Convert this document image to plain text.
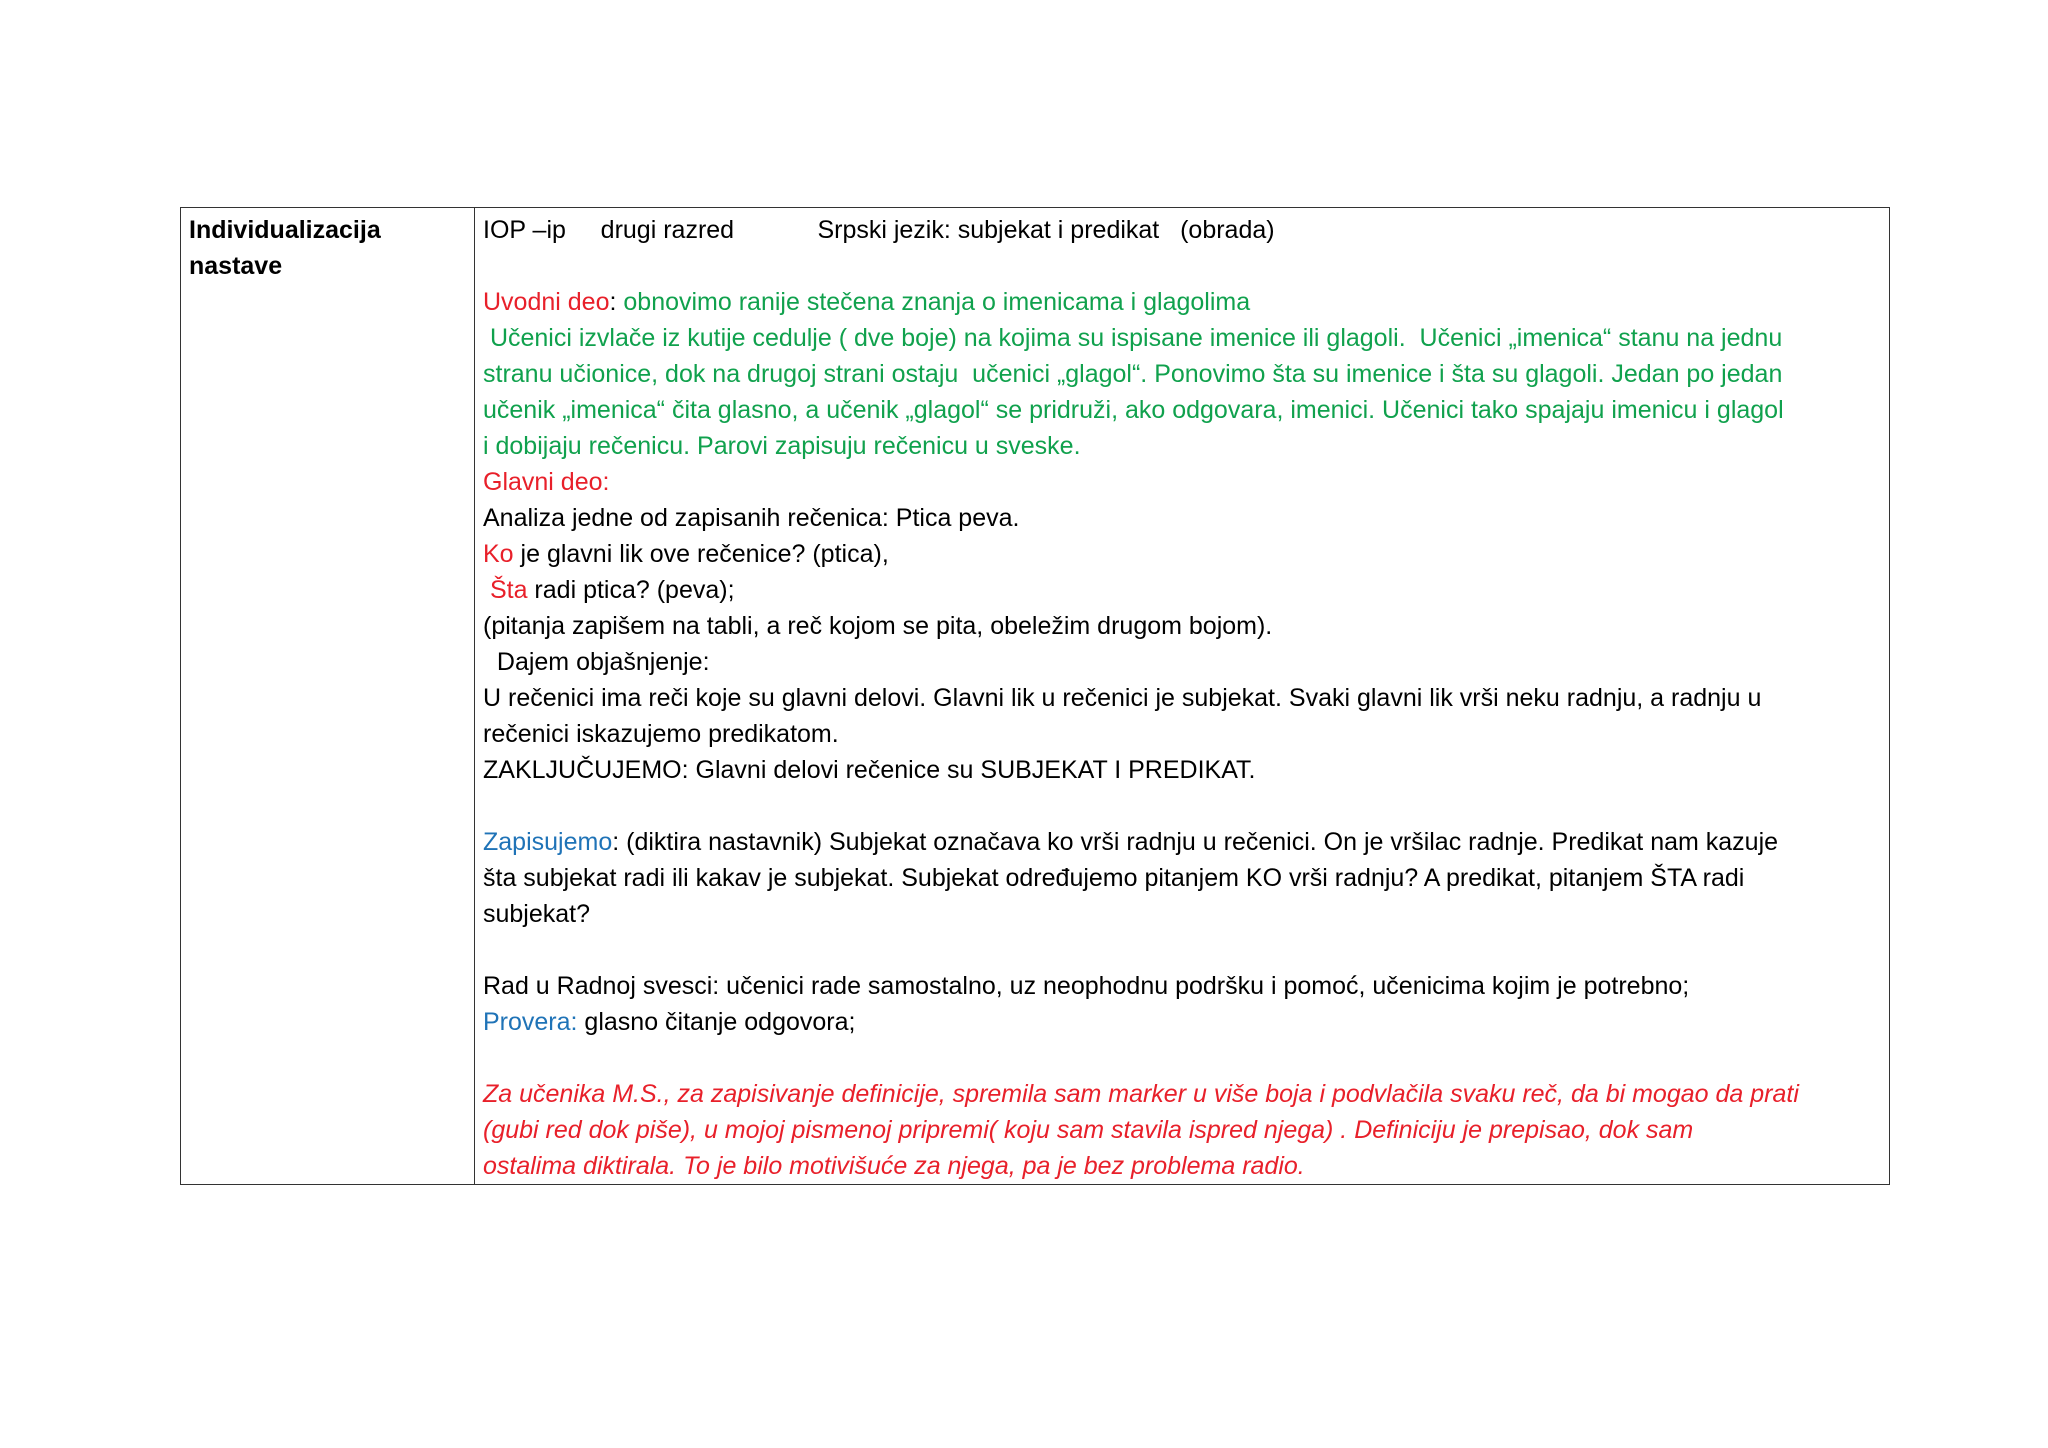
Individualizacija nastave

IOP –ip drugi razred	Srpski jezik: subjekat i predikat (obrada)
Uvodni deo: obnovimo ranije stečena znanja o imenicama i glagolima
Učenici izvlače iz kutije cedulje ( dve boje) na kojima su ispisane imenice ili glagoli.  Učenici „imenica“ stanu na jednu
stranu učionice, dok na drugoj strani ostaju  učenici „glagol“. Ponovimo šta su imenice i šta su glagoli. Jedan po jedan
učenik „imenica“ čita glasno, a učenik „glagol“ se pridruži, ako odgovara, imenici. Učenici tako spajaju imenicu i glagol
i dobijaju rečenicu. Parovi zapisuju rečenicu u sveske.
Glavni deo:
Analiza jedne od zapisanih rečenica: Ptica peva.
Ko je glavni lik ove rečenice? (ptica),
Šta radi ptica? (peva);
(pitanja zapišem na tabli, a reč kojom se pita, obeležim drugom bojom).
Dajem objašnjenje:
U rečenici ima reči koje su glavni delovi. Glavni lik u rečenici je subjekat. Svaki glavni lik vrši neku radnju, a radnju u
rečenici iskazujemo predikatom.
ZAKLJUČUJEMO: Glavni delovi rečenice su SUBJEKAT I PREDIKAT.
Zapisujemo: (diktira nastavnik) Subjekat označava ko vrši radnju u rečenici. On je vršilac radnje. Predikat nam kazuje
šta subjekat radi ili kakav je subjekat. Subjekat određujemo pitanjem KO vrši radnju? A predikat, pitanjem ŠTA radi
subjekat?
Rad u Radnoj svesci: učenici rade samostalno, uz neophodnu podršku i pomoć, učenicima kojim je potrebno;
Provera: glasno čitanje odgovora;
Za učenika M.S., za zapisivanje definicije, spremila sam marker u više boja i podvlačila svaku reč, da bi mogao da prati
(gubi red dok piše), u mojoj pismenoj pripremi( koju sam stavila ispred njega) . Definiciju je prepisao, dok sam
ostalima diktirala. To je bilo motivišuće za njega, pa je bez problema radio.
